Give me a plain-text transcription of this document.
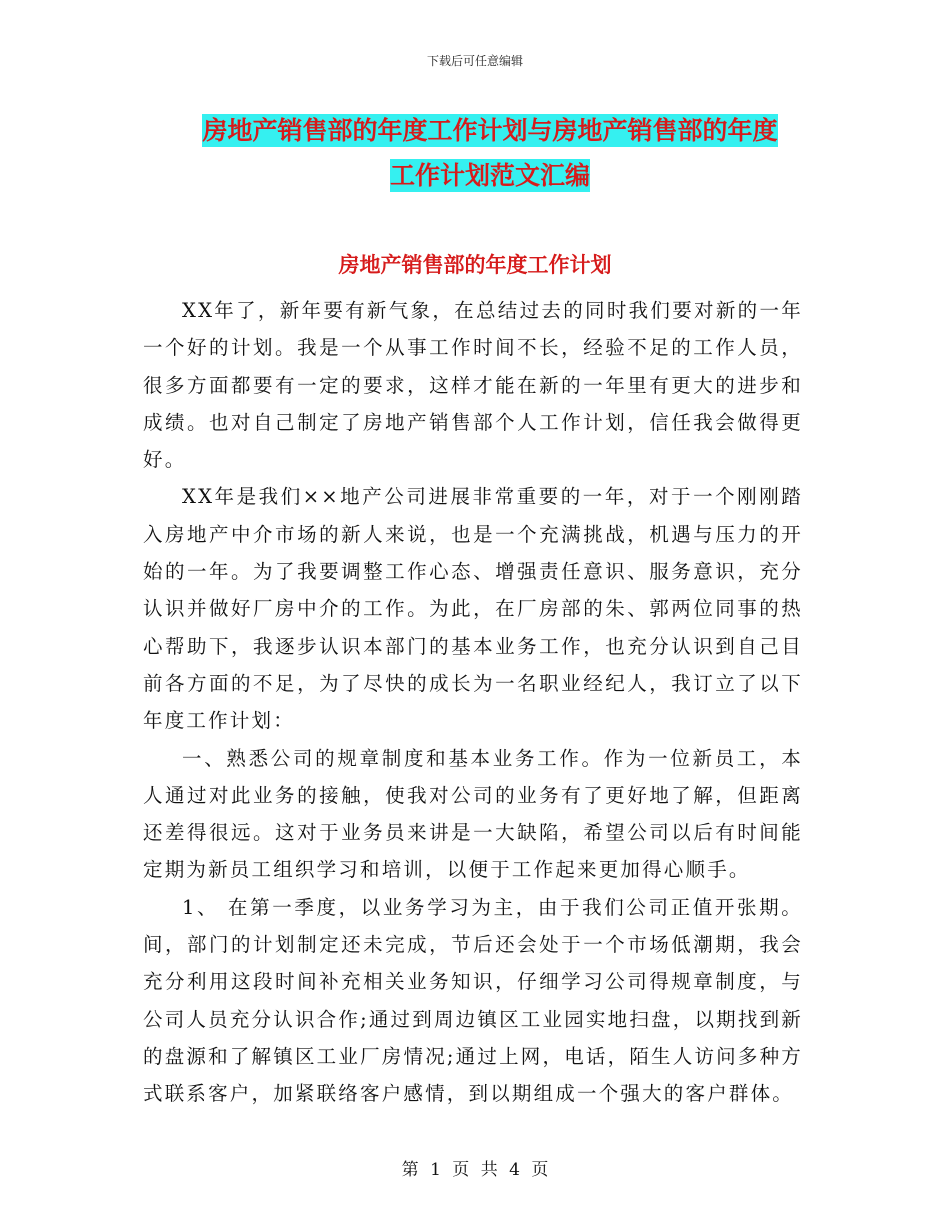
下载后可任意编辑
房地产销售部的年度工作计划与房地产销售部的年度
工作计划范文汇编
房地产销售部的年度工作计划

XX年了，新年要有新气象，在总结过去的同时我们要对新的一年一个好的计划。我是一个从事工作时间不长，经验不足的工作人员，很多方面都要有一定的要求，这样才能在新的一年里有更大的进步和成绩。也对自己制定了房地产销售部个人工作计划，信任我会做得更好。

XX年是我们××地产公司进展非常重要的一年，对于一个刚刚踏入房地产中介市场的新人来说，也是一个充满挑战，机遇与压力的开始的一年。为了我要调整工作心态、增强责任意识、服务意识，充分认识并做好厂房中介的工作。为此，在厂房部的朱、郭两位同事的热心帮助下，我逐步认识本部门的基本业务工作，也充分认识到自己目前各方面的不足，为了尽快的成长为一名职业经纪人，我订立了以下年度工作计划：

一、熟悉公司的规章制度和基本业务工作。作为一位新员工，本人通过对此业务的接触，使我对公司的业务有了更好地了解，但距离还差得很远。这对于业务员来讲是一大缺陷，希望公司以后有时间能定期为新员工组织学习和培训，以便于工作起来更加得心顺手。

1、 在第一季度，以业务学习为主，由于我们公司正值开张期。间，部门的计划制定还未完成，节后还会处于一个市场低潮期，我会充分利用这段时间补充相关业务知识，仔细学习公司得规章制度，与公司人员充分认识合作;通过到周边镇区工业园实地扫盘，以期找到新的盘源和了解镇区工业厂房情况;通过上网，电话，陌生人访问多种方式联系客户，加紧联络客户感情，到以期组成一个强大的客户群体。

第 1 页 共 4 页
